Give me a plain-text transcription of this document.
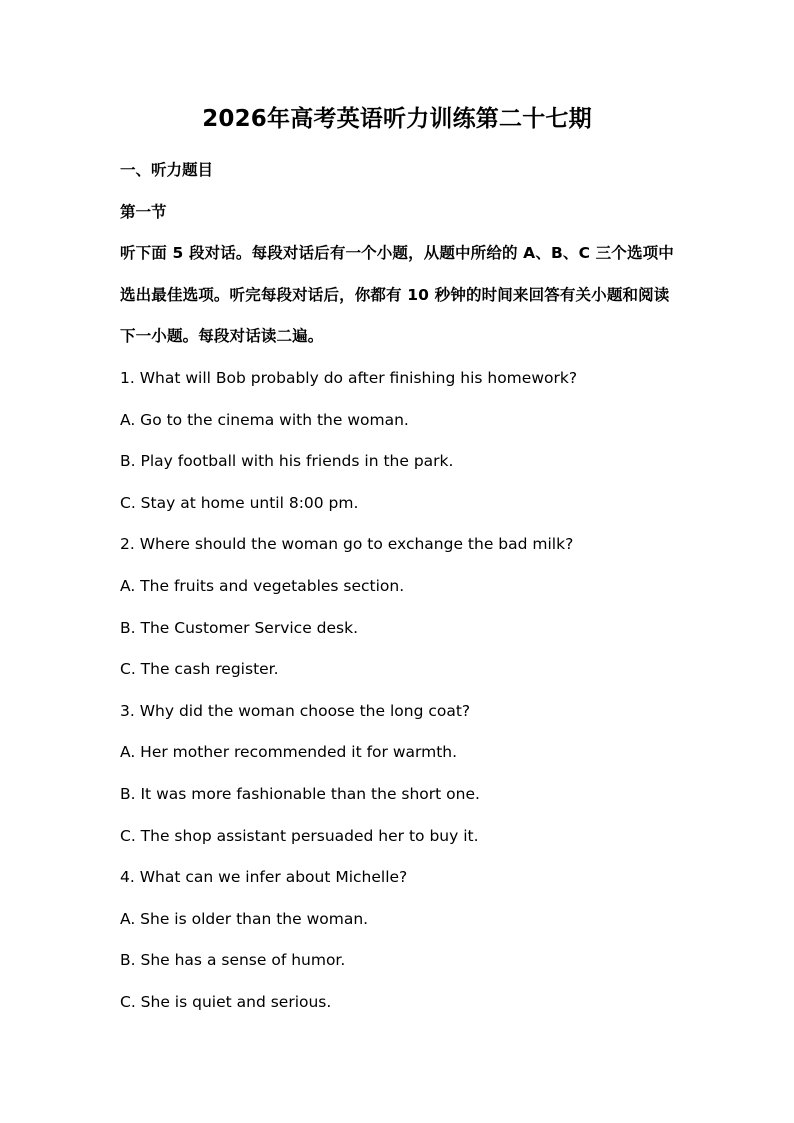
2026年高考英语听力训练第二十七期
一、听力题目
第一节
听下面 5 段对话。每段对话后有一个小题，从题中所给的 A、B、C 三个选项中
选出最佳选项。听完每段对话后，你都有 10 秒钟的时间来回答有关小题和阅读
下一小题。每段对话读二遍。
1. What will Bob probably do after finishing his homework?
A. Go to the cinema with the woman.
B. Play football with his friends in the park.
C. Stay at home until 8:00 pm.
2. Where should the woman go to exchange the bad milk?
A. The fruits and vegetables section.
B. The Customer Service desk.
C. The cash register.
3. Why did the woman choose the long coat?
A. Her mother recommended it for warmth.
B. It was more fashionable than the short one.
C. The shop assistant persuaded her to buy it.
4. What can we infer about Michelle?
A. She is older than the woman.
B. She has a sense of humor.
C. She is quiet and serious.
